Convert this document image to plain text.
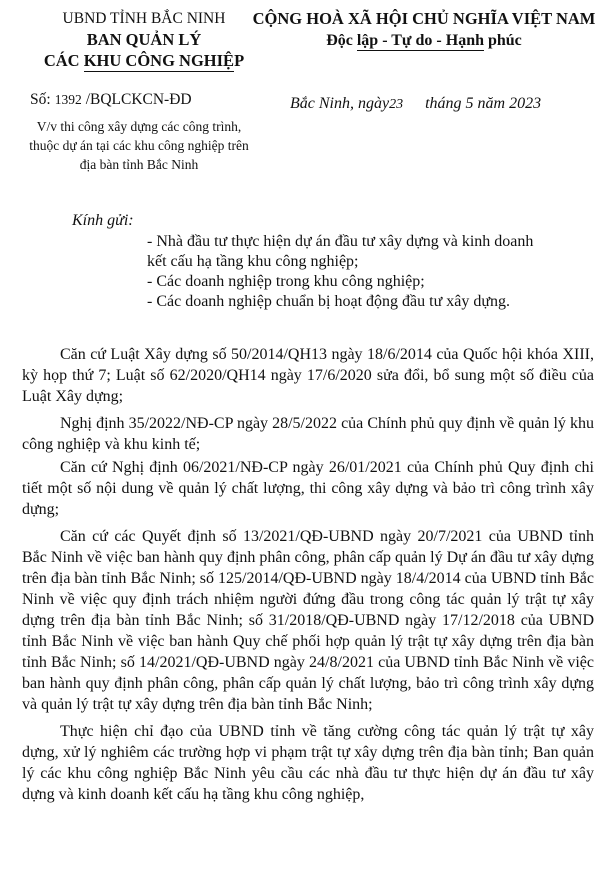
UBND TỈNH BẮC NINH
BAN QUẢN LÝ
CÁC KHU CÔNG NGHIỆP
CỘNG HOÀ XÃ HỘI CHỦ NGHĨA VIỆT NAM
Độc lập - Tự do - Hạnh phúc
Số: 1392 /BQLCKCN-ĐD	Bắc Ninh, ngày23 tháng 5 năm 2023
V/v thi công xây dựng các công trình,
thuộc dự án tại các khu công nghiệp trên
địa bàn tỉnh Bắc Ninh
Kính gửi:
- Nhà đầu tư thực hiện dự án đầu tư xây dựng và kinh doanh
kết cấu hạ tầng khu công nghiệp;
- Các doanh nghiệp trong khu công nghiệp;
- Các doanh nghiệp chuẩn bị hoạt động đầu tư xây dựng.

Căn cứ Luật Xây dựng số 50/2014/QH13 ngày 18/6/2014 của Quốc hội khóa XIII, kỳ họp thứ 7; Luật số 62/2020/QH14 ngày 17/6/2020 sửa đổi, bổ sung một số điều của Luật Xây dựng;

Nghị định 35/2022/NĐ-CP ngày 28/5/2022 của Chính phủ quy định về quản lý khu công nghiệp và khu kinh tế;

Căn cứ Nghị định 06/2021/NĐ-CP ngày 26/01/2021 của Chính phủ Quy định chi tiết một số nội dung về quản lý chất lượng, thi công xây dựng và bảo trì công trình xây dựng;

Căn cứ các Quyết định số 13/2021/QĐ-UBND ngày 20/7/2021 của UBND tỉnh Bắc Ninh về việc ban hành quy định phân công, phân cấp quản lý Dự án đầu tư xây dựng trên địa bàn tỉnh Bắc Ninh; số 125/2014/QĐ-UBND ngày 18/4/2014 của UBND tỉnh Bắc Ninh về việc quy định trách nhiệm người đứng đầu trong công tác quản lý trật tự xây dựng trên địa bàn tỉnh Bắc Ninh; số 31/2018/QĐ-UBND ngày 17/12/2018 của UBND tỉnh Bắc Ninh về việc ban hành Quy chế phối hợp quản lý trật tự xây dựng trên địa bàn tỉnh Bắc Ninh; số 14/2021/QĐ-UBND ngày 24/8/2021 của UBND tỉnh Bắc Ninh về việc ban hành quy định phân công, phân cấp quản lý chất lượng, bảo trì công trình xây dựng và quản lý trật tự xây dựng trên địa bàn tỉnh Bắc Ninh;

Thực hiện chỉ đạo của UBND tỉnh về tăng cường công tác quản lý trật tự xây dựng, xử lý nghiêm các trường hợp vi phạm trật tự xây dựng trên địa bàn tỉnh; Ban quản lý các khu công nghiệp Bắc Ninh yêu cầu các nhà đầu tư thực hiện dự án đầu tư xây dựng và kinh doanh kết cấu hạ tầng khu công nghiệp,
